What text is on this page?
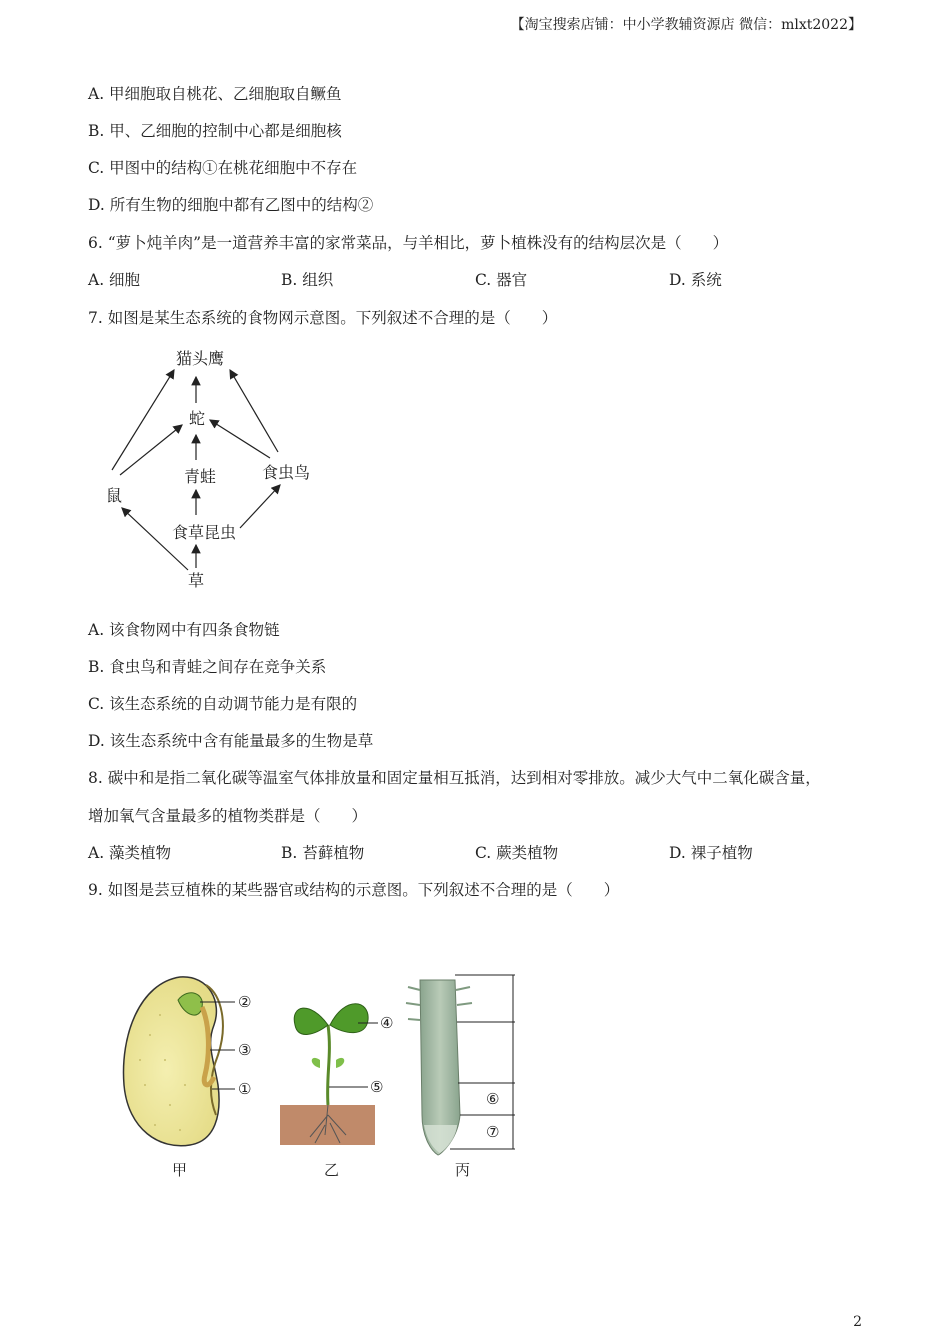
【淘宝搜索店铺：中小学教辅资源店 微信：mlxt2022】
A. 甲细胞取自桃花、乙细胞取自鳜鱼
B. 甲、乙细胞的控制中心都是细胞核
C. 甲图中的结构①在桃花细胞中不存在
D. 所有生物的细胞中都有乙图中的结构②
6. “萝卜炖羊肉”是一道营养丰富的家常菜品，与羊相比，萝卜植株没有的结构层次是（　　）
A. 细胞	B. 组织	C. 器官	D. 系统
7. 如图是某生态系统的食物网示意图。下列叙述不合理的是（　　）
猫头鹰
蛇
青蛙	食虫鸟
鼠
食草昆虫
草
A. 该食物网中有四条食物链
B. 食虫鸟和青蛙之间存在竞争关系
C. 该生态系统的自动调节能力是有限的
D. 该生态系统中含有能量最多的生物是草
8. 碳中和是指二氧化碳等温室气体排放量和固定量相互抵消，达到相对零排放。减少大气中二氧化碳含量，
增加氧气含量最多的植物类群是（　　）
A. 藻类植物	B. 苔藓植物	C. 蕨类植物	D. 裸子植物
9. 如图是芸豆植株的某些器官或结构的示意图。下列叙述不合理的是（　　）
②
③
①
甲
④
⑤
乙
⑥
⑦
丙
2
